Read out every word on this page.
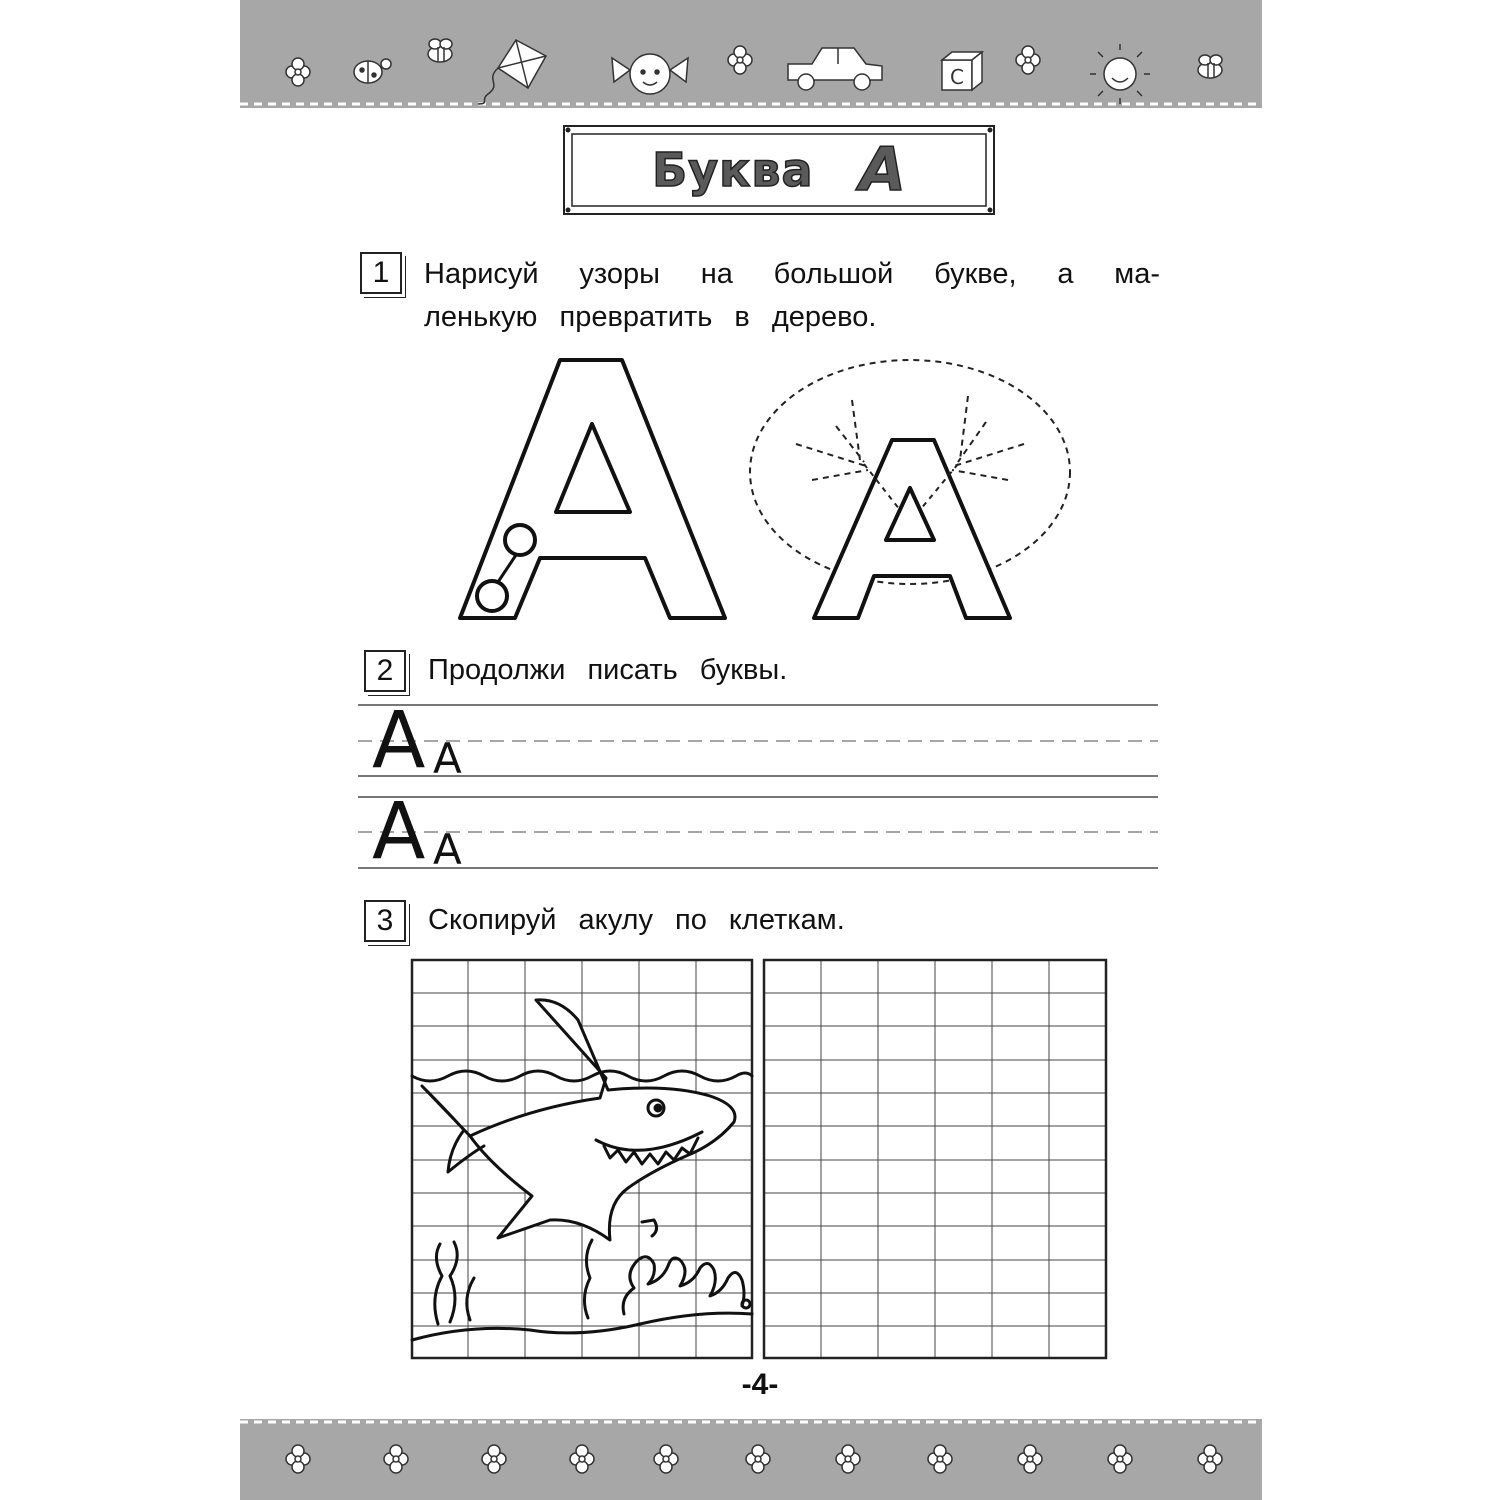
C
Буква А
1	Нарисуй узоры на большой букве, а ма-
ленькую превратить в дерево.
2	Продолжи писать буквы.
А А
А А
3	Скопируй акулу по клеткам.
-4-
